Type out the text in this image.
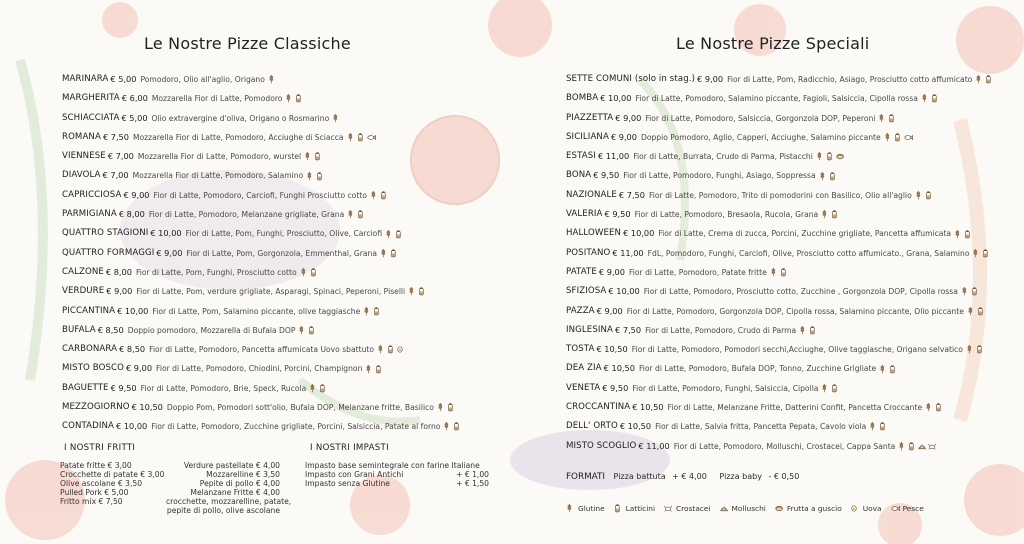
Le Nostre Pizze Classiche
MARINARA € 5,00 Pomodoro, Olio all'aglio, Origano
MARGHERITA € 6,00 Mozzarella Fior di Latte, Pomodoro
SCHIACCIATA € 5,00 Olio extravergine d'oliva, Origano o Rosmarino
ROMANA € 7,50 Mozzarella Fior di Latte, Pomodoro, Acciughe di Sciacca
VIENNESE € 7,00 Mozzarella Fior di Latte, Pomodoro, wurstel
DIAVOLA € 7,00 Mozzarella Fior di Latte, Pomodoro, Salamino
CAPRICCIOSA € 9,00 Fior di Latte, Pomodoro, Carciofi, Funghi Prosciutto cotto
PARMIGIANA € 8,00 Fior di Latte, Pomodoro, Melanzane grigliate, Grana
QUATTRO STAGIONI € 10,00 Fior di Latte, Pom, Funghi, Prosciutto, Olive, Carciofi
QUATTRO FORMAGGI € 9,00 Fior di Latte, Pom, Gorgonzola, Emmenthal, Grana
CALZONE € 8,00 Fior di Latte, Pom, Funghi, Prosciutto cotto
VERDURE € 9,00 Fior di Latte, Pom, verdure grigliate, Asparagi, Spinaci, Peperoni, Piselli
PICCANTINA € 10,00 Fior di Latte, Pom, Salamino piccante, olive taggiasche
BUFALA € 8,50 Doppio pomodoro, Mozzarella di Bufala DOP
CARBONARA € 8,50 Fior di Latte, Pomodoro, Pancetta affumicata Uovo sbattuto
MISTO BOSCO € 9,00 Fior di Latte, Pomodoro, Chiodini, Porcini, Champignon
BAGUETTE € 9,50 Fior di Latte, Pomodoro, Brie, Speck, Rucola
MEZZOGIORNO € 10,50 Doppio Pom, Pomodori sott'olio, Bufala DOP, Melanzane fritte, Basilico
CONTADINA € 10,00 Fior di Latte, Pomodoro, Zucchine grigliate, Porcini, Salsiccia, Patate al forno
I NOSTRI FRITTI
Patate fritte € 3,00
Crocchette di patate € 3,00
Olive ascolane € 3,50
Pulled Pork € 5,00
Fritto mix € 7,50
Verdure pastellate € 4,00
Mozzarelline € 3,50
Pepite di pollo € 4,00
Melanzane Fritte € 4,00
crocchette, mozzarelline, patate,
pepite di pollo, olive ascolane
I NOSTRI IMPASTI
Impasto base semintegrale con farine Italiane
Impasto con Grani Antichi	+ € 1,00
Impasto senza Glutine	+ € 1,50
Le Nostre Pizze Speciali
SETTE COMUNI (solo in stag.) € 9,00 Fior di Latte, Pom, Radicchio, Asiago, Prosciutto cotto affumicato
BOMBA € 10,00 Fior di Latte, Pomodoro, Salamino piccante, Fagioli, Salsiccia, Cipolla rossa
PIAZZETTA € 9,00 Fior di Latte, Pomodoro, Salsiccia, Gorgonzola DOP, Peperoni
SICILIANA € 9,00 Doppio Pomodoro, Aglio, Capperi, Acciughe, Salamino piccante
ESTASI € 11,00 Fior di Latte, Burrata, Crudo di Parma, Pistacchi
BONA € 9,50 Fior di Latte, Pomodoro, Funghi, Asiago, Soppressa
NAZIONALE € 7,50 Fior di Latte, Pomodoro, Trito di pomodorini con Basilico, Olio all'aglio
VALERIA € 9,50 Fior di Latte, Pomodoro, Bresaola, Rucola, Grana
HALLOWEEN € 10,00 Fior di Latte, Crema di zucca, Porcini, Zucchine grigliate, Pancetta affumicata
POSITANO € 11,00 FdL, Pomodoro, Funghi, Carciofi, Olive, Prosciutto cotto affumicato., Grana, Salamino
PATATE € 9,00 Fior di Latte, Pomodoro, Patate fritte
SFIZIOSA € 10,00 Fior di Latte, Pomodoro, Prosciutto cotto, Zucchine , Gorgonzola DOP, Cipolla rossa
PAZZA € 9,00 Fior di Latte, Pomodoro, Gorgonzola DOP, Cipolla rossa, Salamino piccante, Olio piccante
INGLESINA € 7,50 Fior di Latte, Pomodoro, Crudo di Parma
TOSTA € 10,50 Fior di Latte, Pomodoro, Pomodori secchi,Acciughe, Olive taggiasche, Origano selvatico
DEA ZIA € 10,50 Fior di Latte, Pomodoro, Bufala DOP, Tonno, Zucchine Grigliate
VENETA € 9,50 Fior di Latte, Pomodoro, Funghi, Salsiccia, Cipolla
CROCCANTINA € 10,50 Fior di Latte, Melanzane Fritte, Datterini Confit, Pancetta Croccante
DELL' ORTO € 10,50 Fior di Latte, Salvia fritta, Pancetta Pepata, Cavolo viola
MISTO SCOGLIO € 11,00 Fior di Latte, Pomodoro, Molluschi, Crostacei, Cappa Santa
FORMATI Pizza battuta + € 4,00 Pizza baby - € 0,50
Glutine	Latticini	Crostacei	Molluschi	Frutta a guscio	Uova	Pesce
